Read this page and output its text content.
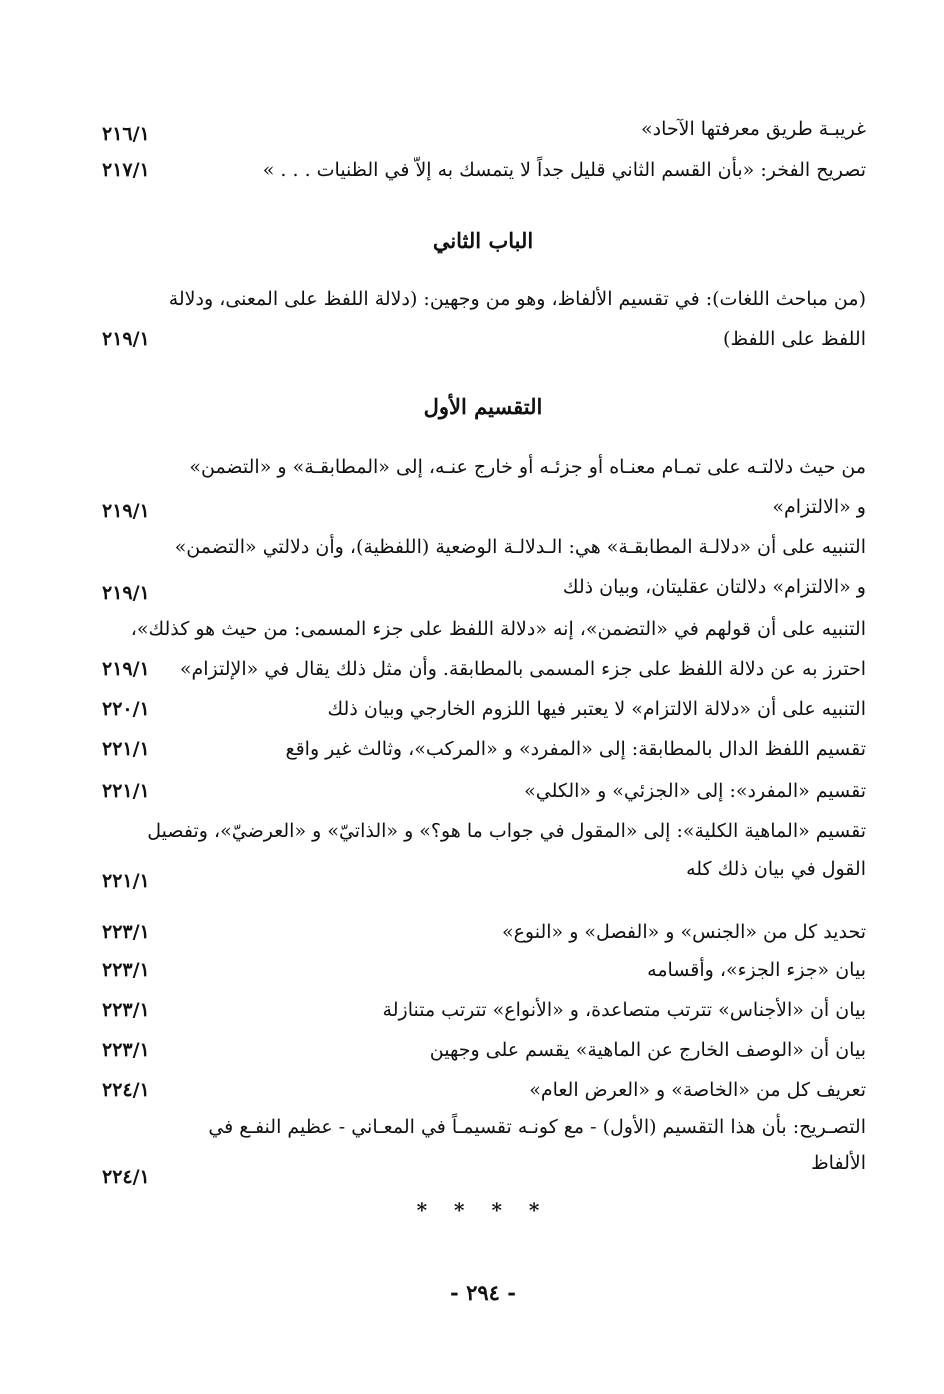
غريبـة طريق معرفتها الآحاد»
٢١٦/١
تصريح الفخر: «بأن القسم الثاني قليل جداً لا يتمسك به إلاّ في الظنيات . . . »
٢١٧/١
الباب الثاني
(من مباحث اللغات): في تقسيم الألفاظ، وهو من وجهين: (دلالة اللفظ على المعنى، ودلالة
اللفظ على اللفظ)
٢١٩/١
التقسيم الأول
من حيث دلالتـه على تمـام معنـاه أو جزئـه أو خارج عنـه، إلى «المطابقـة» و «التضمن»
و «الالتزام»
٢١٩/١
التنبيه على أن «دلالـة المطابقـة» هي: الـدلالـة الوضعية (اللفظية)، وأن دلالتي «التضمن»
و «الالتزام» دلالتان عقليتان، وبيان ذلك
٢١٩/١
التنبيه على أن قولهم في «التضمن»، إنه «دلالة اللفظ على جزء المسمى: من حيث هو كذلك»،
احترز به عن دلالة اللفظ على جزء المسمى بالمطابقة. وأن مثل ذلك يقال في «الإلتزام»
٢١٩/١
التنبيه على أن «دلالة الالتزام» لا يعتبر فيها اللزوم الخارجي وبيان ذلك
٢٢٠/١
تقسيم اللفظ الدال بالمطابقة: إلى «المفرد» و «المركب»، وثالث غير واقع
٢٢١/١
تقسيم «المفرد»: إلى «الجزئي» و «الكلي»
٢٢١/١
تقسيم «الماهية الكلية»: إلى «المقول في جواب ما هو؟» و «الذاتيّ» و «العرضيّ»، وتفصيل
القول في بيان ذلك كله
٢٢١/١
تحديد كل من «الجنس» و «الفصل» و «النوع»
٢٢٣/١
بيان «جزء الجزء»، وأقسامه
٢٢٣/١
بيان أن «الأجناس» تترتب متصاعدة، و «الأنواع» تترتب متنازلة
٢٢٣/١
بيان أن «الوصف الخارج عن الماهية» يقسم على وجهين
٢٢٣/١
تعريف كل من «الخاصة» و «العرض العام»
٢٢٤/١
التصـريح: بأن هذا التقسيم (الأول) - مع كونـه تقسيمـاً في المعـاني - عظيم النفـع في
الألفاظ
٢٢٤/١
* * * *
- ٢٩٤ -
